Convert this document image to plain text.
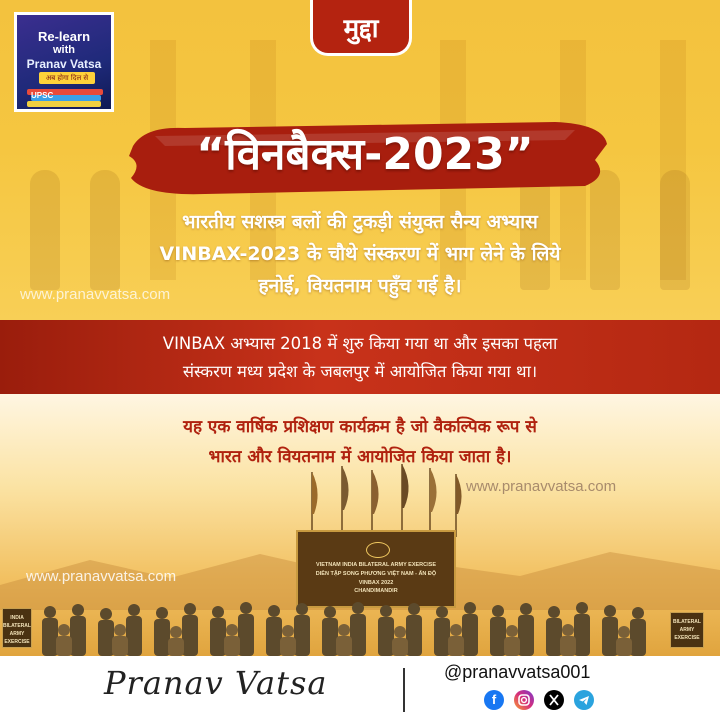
Re-learn
with
Pranav Vatsa
अब होगा दिल से
UPSC
मुद्दा
“विनबैक्स-2023”
भारतीय सशस्त्र बलों की टुकड़ी संयुक्त सैन्य अभ्यास
VINBAX-2023 के चौथे संस्करण में भाग लेने के लिये
हनोई, वियतनाम पहुँच गई है।
www.pranavvatsa.com
VINBAX अभ्यास 2018 में शुरु किया गया था और इसका पहला
संस्करण मध्य प्रदेश के जबलपुर में आयोजित किया गया था।
यह एक वार्षिक प्रशिक्षण कार्यक्रम है जो वैकल्पिक रूप से
भारत और वियतनाम में आयोजित किया जाता है।
www.pranavvatsa.com
VIETNAM INDIA BILATERAL ARMY EXERCISE
DIỄN TẬP SONG PHƯƠNG VIỆT NAM - ẤN ĐỘ
VINBAX 2022
CHANDIMANDIR
INDIA
BILATERAL
ARMY
EXERCISE
BILATERAL
ARMY
EXERCISE
www.pranavvatsa.com
Pranav Vatsa	@pranavvatsa001
f
